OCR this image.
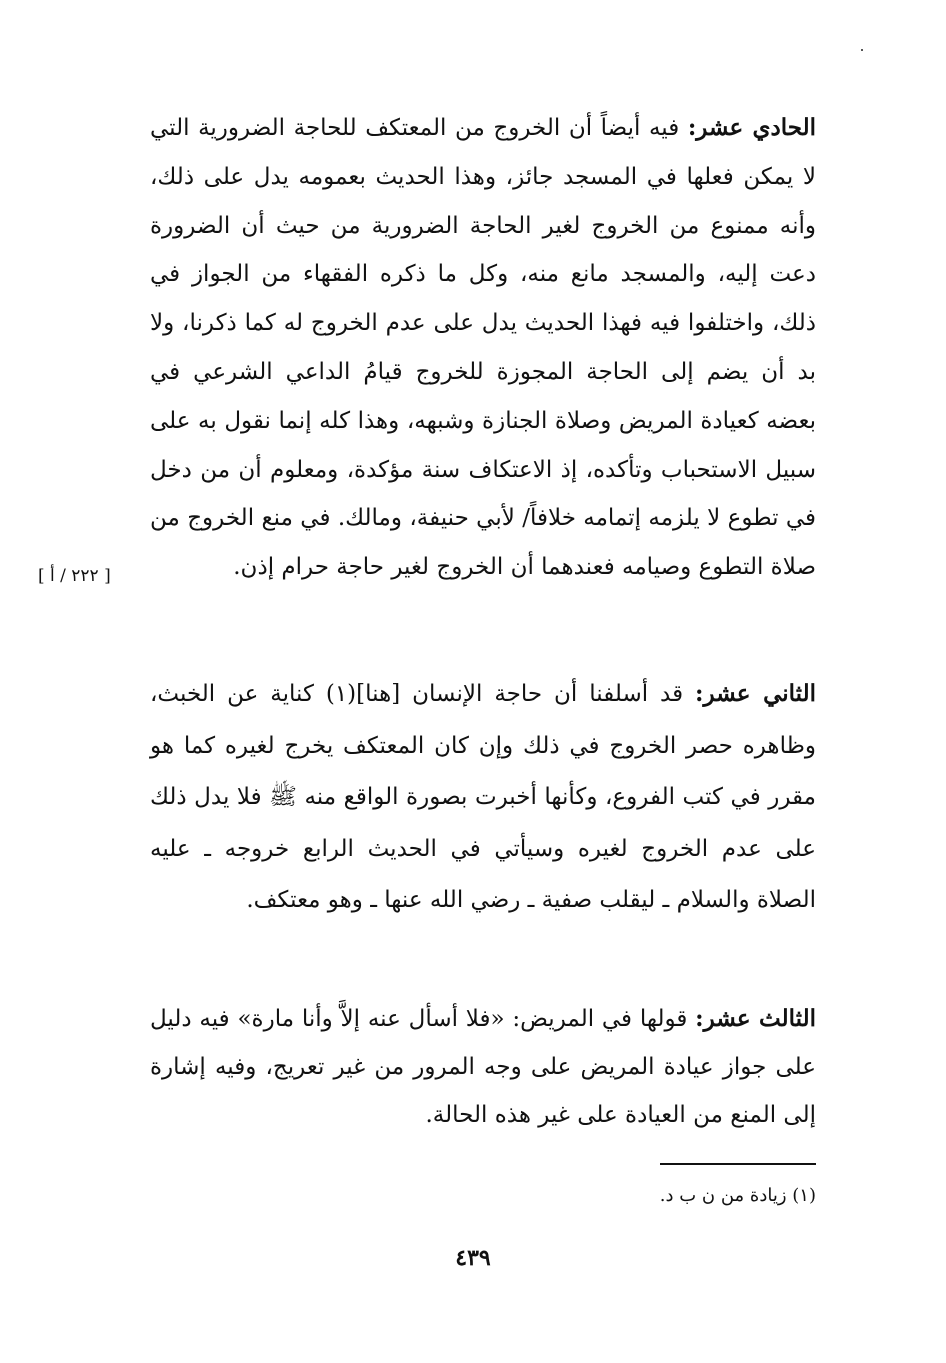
الحادي عشر: فيه أيضاً أن الخروج من المعتكف للحاجة الضرورية التي لا يمكن فعلها في المسجد جائز، وهذا الحديث بعمومه يدل على ذلك، وأنه ممنوع من الخروج لغير الحاجة الضرورية من حيث أن الضرورة دعت إليه، والمسجد مانع منه، وكل ما ذكره الفقهاء من الجواز في ذلك، واختلفوا فيه فهذا الحديث يدل على عدم الخروج له كما ذكرنا، ولا بد أن يضم إلى الحاجة المجوزة للخروج قيامُ الداعي الشرعي في بعضه كعيادة المريض وصلاة الجنازة وشبهه، وهذا كله إنما نقول به على سبيل الاستحباب وتأكده، إذ الاعتكاف سنة مؤكدة، ومعلوم أن من دخل في تطوع لا يلزمه إتمامه خلافاً/ لأبي حنيفة، ومالك. في منع الخروج من صلاة التطوع وصيامه فعندهما أن الخروج لغير حاجة حرام إذن.

[ ٢٢٢ / أ ]

الثاني عشر: قد أسلفنا أن حاجة الإنسان [هنا](١) كناية عن الخبث، وظاهره حصر الخروج في ذلك وإن كان المعتكف يخرج لغيره كما هو مقرر في كتب الفروع، وكأنها أخبرت بصورة الواقع منه ﷺ فلا يدل ذلك على عدم الخروج لغيره وسيأتي في الحديث الرابع خروجه ـ عليه الصلاة والسلام ـ ليقلب صفية ـ رضي الله عنها ـ وهو معتكف.

الثالث عشر: قولها في المريض: «فلا أسأل عنه إلاَّ وأنا مارة» فيه دليل على جواز عيادة المريض على وجه المرور من غير تعريج، وفيه إشارة إلى المنع من العيادة على غير هذه الحالة.

(١) زيادة من ن ب د.
٤٣٩
